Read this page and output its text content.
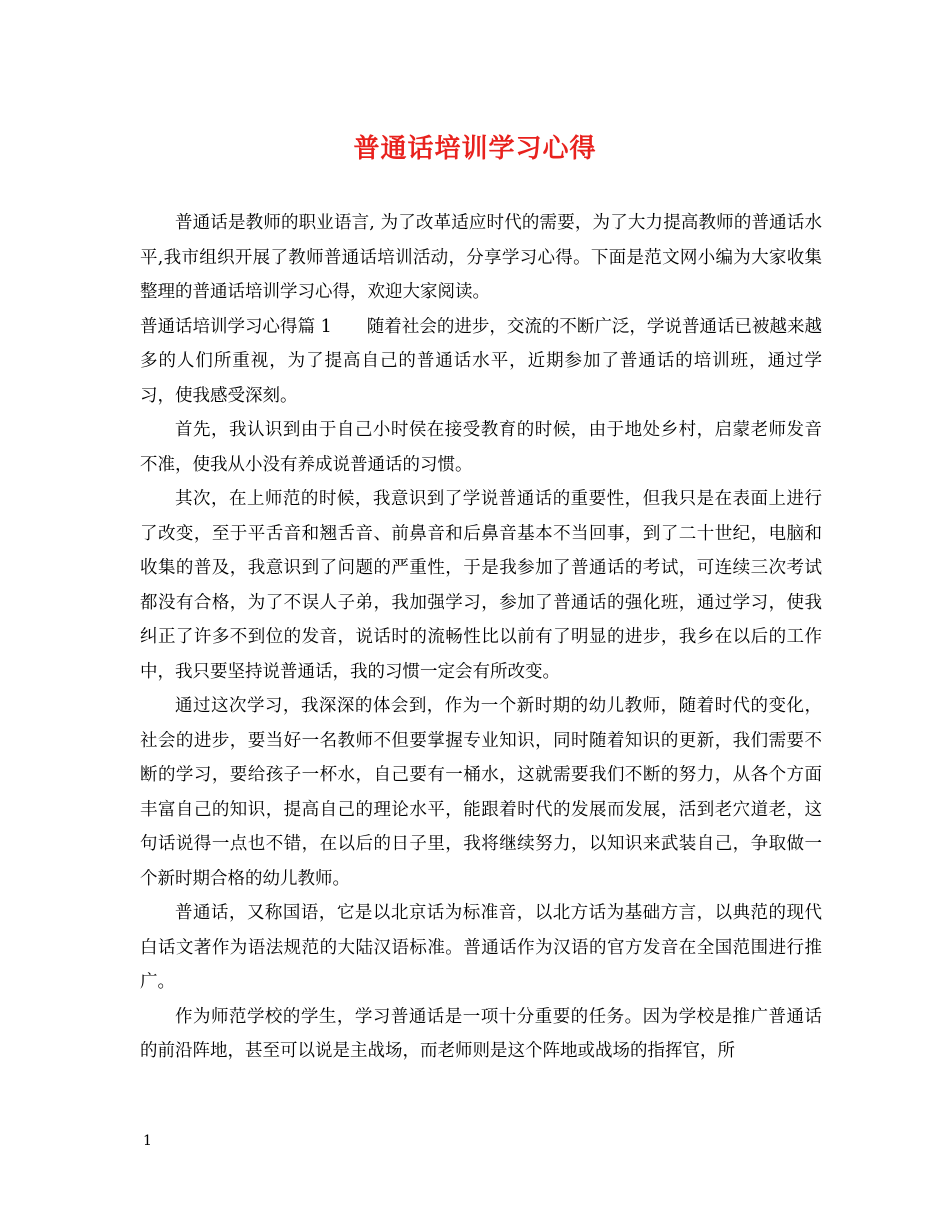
普通话培训学习心得

普通话是教师的职业语言, 为了改革适应时代的需要，为了大力提高教师的普通话水平,我市组织开展了教师普通话培训活动，分享学习心得。下面是范文网小编为大家收集整理的普通话培训学习心得，欢迎大家阅读。

普通话培训学习心得篇 1　　随着社会的进步，交流的不断广泛，学说普通话已被越来越多的人们所重视，为了提高自己的普通话水平，近期参加了普通话的培训班，通过学习，使我感受深刻。

首先，我认识到由于自己小时侯在接受教育的时候，由于地处乡村，启蒙老师发音不准，使我从小没有养成说普通话的习惯。

其次，在上师范的时候，我意识到了学说普通话的重要性，但我只是在表面上进行了改变，至于平舌音和翘舌音、前鼻音和后鼻音基本不当回事，到了二十世纪，电脑和收集的普及，我意识到了问题的严重性，于是我参加了普通话的考试，可连续三次考试都没有合格，为了不误人子弟，我加强学习，参加了普通话的强化班，通过学习，使我纠正了许多不到位的发音，说话时的流畅性比以前有了明显的进步，我乡在以后的工作中，我只要坚持说普通话，我的习惯一定会有所改变。

通过这次学习，我深深的体会到，作为一个新时期的幼儿教师，随着时代的变化，社会的进步，要当好一名教师不但要掌握专业知识，同时随着知识的更新，我们需要不断的学习，要给孩子一杯水，自己要有一桶水，这就需要我们不断的努力，从各个方面丰富自己的知识，提高自己的理论水平，能跟着时代的发展而发展，活到老穴道老，这句话说得一点也不错，在以后的日子里，我将继续努力，以知识来武装自己，争取做一个新时期合格的幼儿教师。

普通话，又称国语，它是以北京话为标准音，以北方话为基础方言，以典范的现代白话文著作为语法规范的大陆汉语标准。普通话作为汉语的官方发音在全国范围进行推广。

作为师范学校的学生，学习普通话是一项十分重要的任务。因为学校是推广普通话的前沿阵地，甚至可以说是主战场，而老师则是这个阵地或战场的指挥官，所

1
